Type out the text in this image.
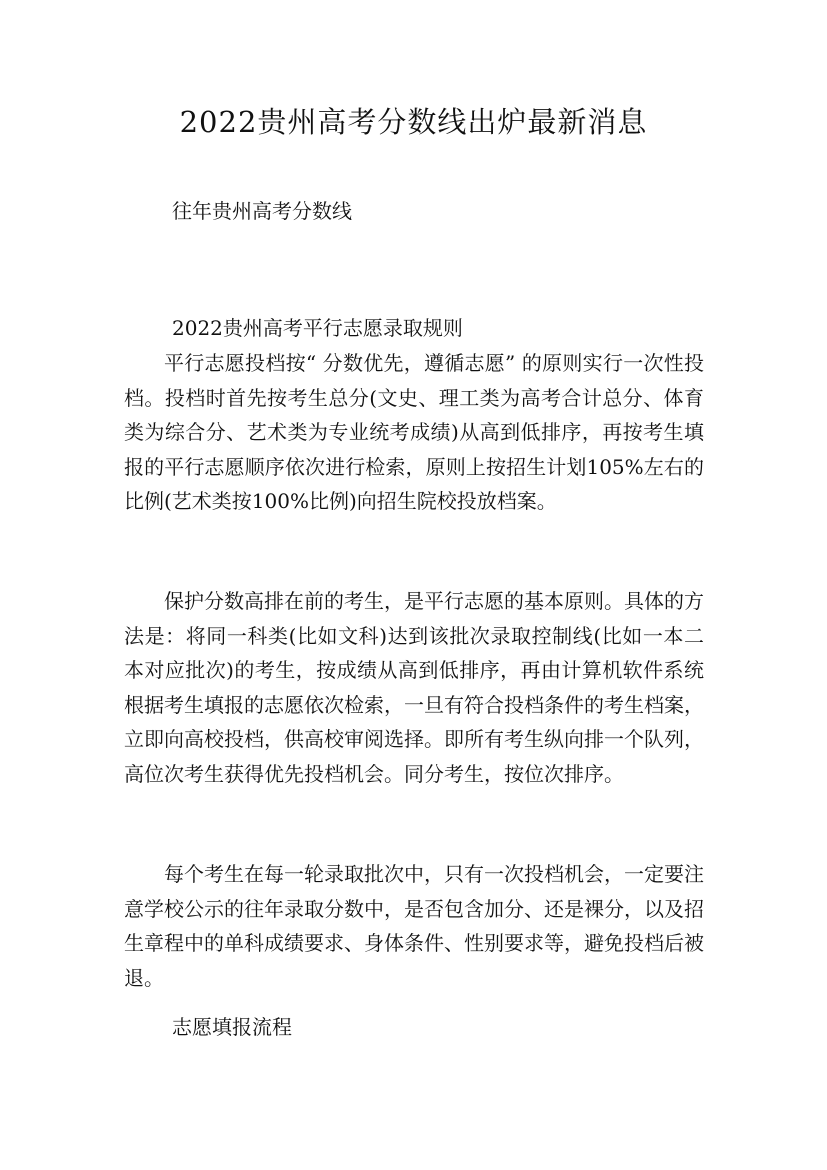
2022贵州高考分数线出炉最新消息

往年贵州高考分数线

2022贵州高考平行志愿录取规则

平行志愿投档按“ 分数优先，遵循志愿” 的原则实行一次性投档。投档时首先按考生总分(文史、理工类为高考合计总分、体育类为综合分、艺术类为专业统考成绩)从高到低排序，再按考生填报的平行志愿顺序依次进行检索，原则上按招生计划105%左右的比例(艺术类按100%比例)向招生院校投放档案。

保护分数高排在前的考生，是平行志愿的基本原则。具体的方法是：将同一科类(比如文科)达到该批次录取控制线(比如一本二本对应批次)的考生，按成绩从高到低排序，再由计算机软件系统根据考生填报的志愿依次检索，一旦有符合投档条件的考生档案，立即向高校投档，供高校审阅选择。即所有考生纵向排一个队列，高位次考生获得优先投档机会。同分考生，按位次排序。

每个考生在每一轮录取批次中，只有一次投档机会，一定要注意学校公示的往年录取分数中，是否包含加分、还是裸分，以及招生章程中的单科成绩要求、身体条件、性别要求等，避免投档后被退。

志愿填报流程
